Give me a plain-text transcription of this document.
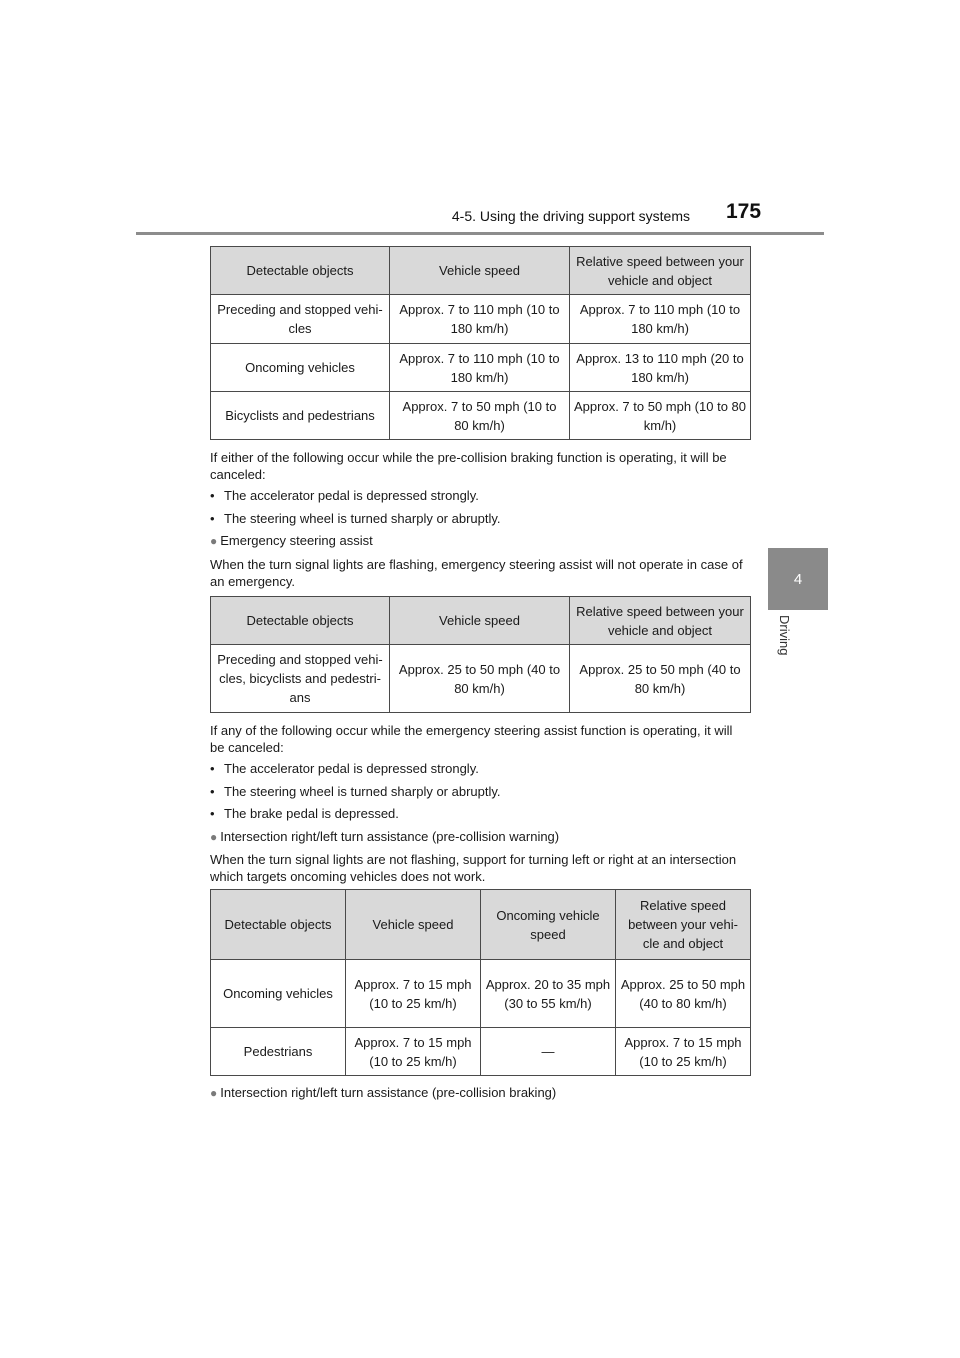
4-5. Using the driving support systems 175
4
Driving
Detectable objects	Vehicle speed	Relative speed between your vehicle and object
Preceding and stopped vehi- cles	Approx. 7 to 110 mph (10 to 180 km/h)	Approx. 7 to 110 mph (10 to 180 km/h)
Oncoming vehicles	Approx. 7 to 110 mph (10 to 180 km/h)	Approx. 13 to 110 mph (20 to 180 km/h)
Bicyclists and pedestrians	Approx. 7 to 50 mph (10 to 80 km/h)	Approx. 7 to 50 mph (10 to 80 km/h)
If either of the following occur while the pre-collision braking function is operating, it will be canceled:
• The accelerator pedal is depressed strongly.
• The steering wheel is turned sharply or abruptly.
● Emergency steering assist
When the turn signal lights are flashing, emergency steering assist will not operate in case of an emergency.
Detectable objects	Vehicle speed	Relative speed between your vehicle and object
Preceding and stopped vehi- cles, bicyclists and pedestri- ans	Approx. 25 to 50 mph (40 to 80 km/h)	Approx. 25 to 50 mph (40 to 80 km/h)
If any of the following occur while the emergency steering assist function is operating, it will be canceled:
• The accelerator pedal is depressed strongly.
• The steering wheel is turned sharply or abruptly.
• The brake pedal is depressed.
● Intersection right/left turn assistance (pre-collision warning)
When the turn signal lights are not flashing, support for turning left or right at an intersection which targets oncoming vehicles does not work.
Detectable objects	Vehicle speed	Oncoming vehicle speed	Relative speed between your vehi- cle and object
Oncoming vehicles	Approx. 7 to 15 mph (10 to 25 km/h)	Approx. 20 to 35 mph (30 to 55 km/h)	Approx. 25 to 50 mph (40 to 80 km/h)
Pedestrians	Approx. 7 to 15 mph (10 to 25 km/h)	—	Approx. 7 to 15 mph (10 to 25 km/h)
● Intersection right/left turn assistance (pre-collision braking)
